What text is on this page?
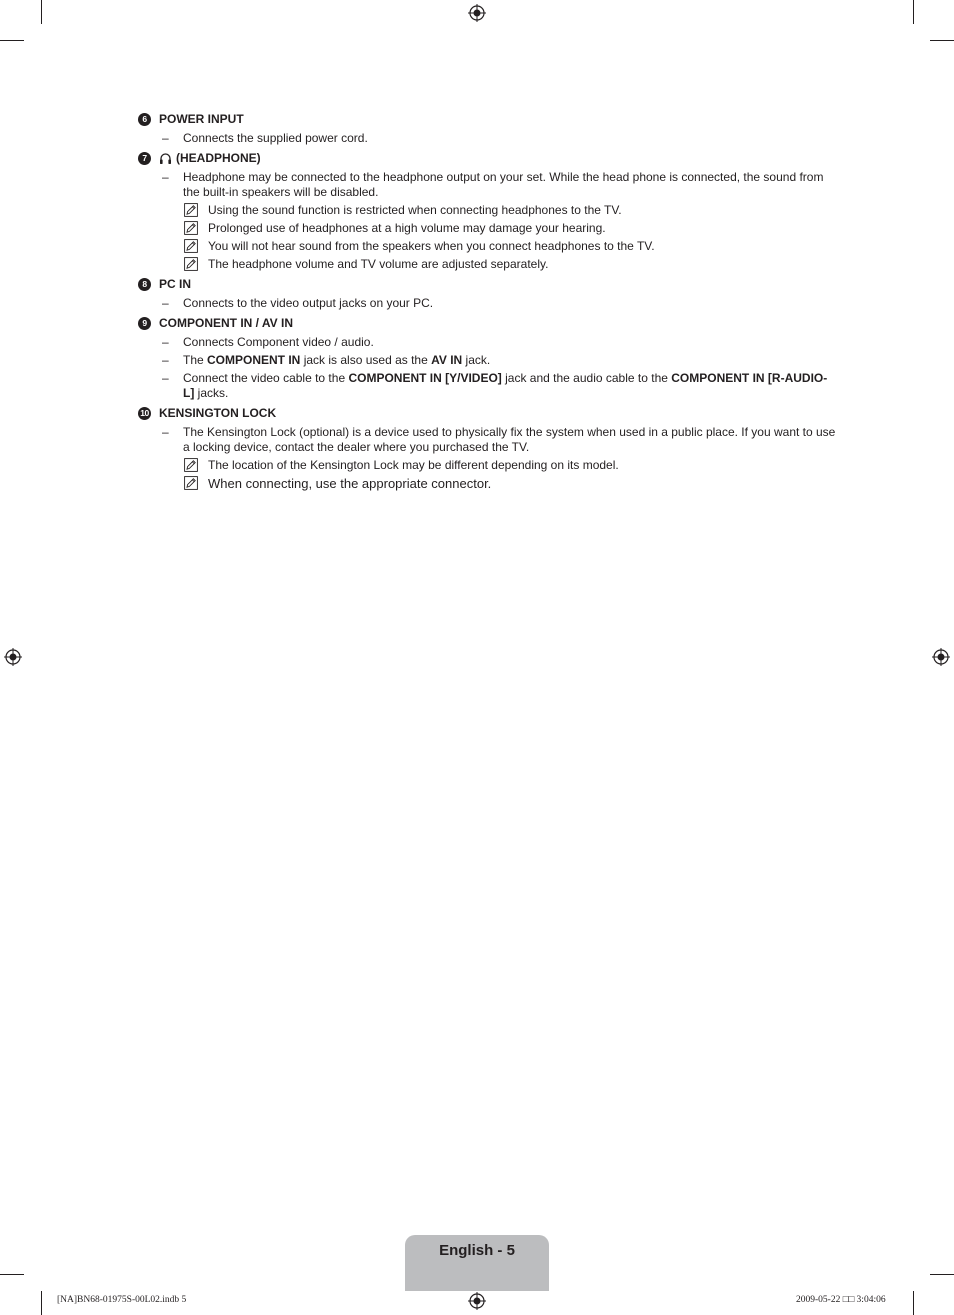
6	POWER INPUT
–	Connects the supplied power cord.
7	(HEADPHONE)
–	Headphone may be connected to the headphone output on your set. While the head phone is connected, the sound from the built-in speakers will be disabled.
Using the sound function is restricted when connecting headphones to the TV.
Prolonged use of headphones at a high volume may damage your hearing.
You will not hear sound from the speakers when you connect headphones to the TV.
The headphone volume and TV volume are adjusted separately.
8	PC IN
–	Connects to the video output jacks on your PC.
9	COMPONENT IN / AV IN
–	Connects Component video / audio.
–	The COMPONENT IN jack is also used as the AV IN jack.
–	Connect the video cable to the COMPONENT IN [Y/VIDEO] jack and the audio cable to the COMPONENT IN [R-AUDIO-L] jacks.
10 KENSINGTON LOCK
–	The Kensington Lock (optional) is a device used to physically fix the system when used in a public place. If you want to use a locking device, contact the dealer where you purchased the TV.
The location of the Kensington Lock may be different depending on its model.
When connecting, use the appropriate connector.
English - 5
[NA]BN68-01975S-00L02.indb 5	2009-05-22 □□ 3:04:06
